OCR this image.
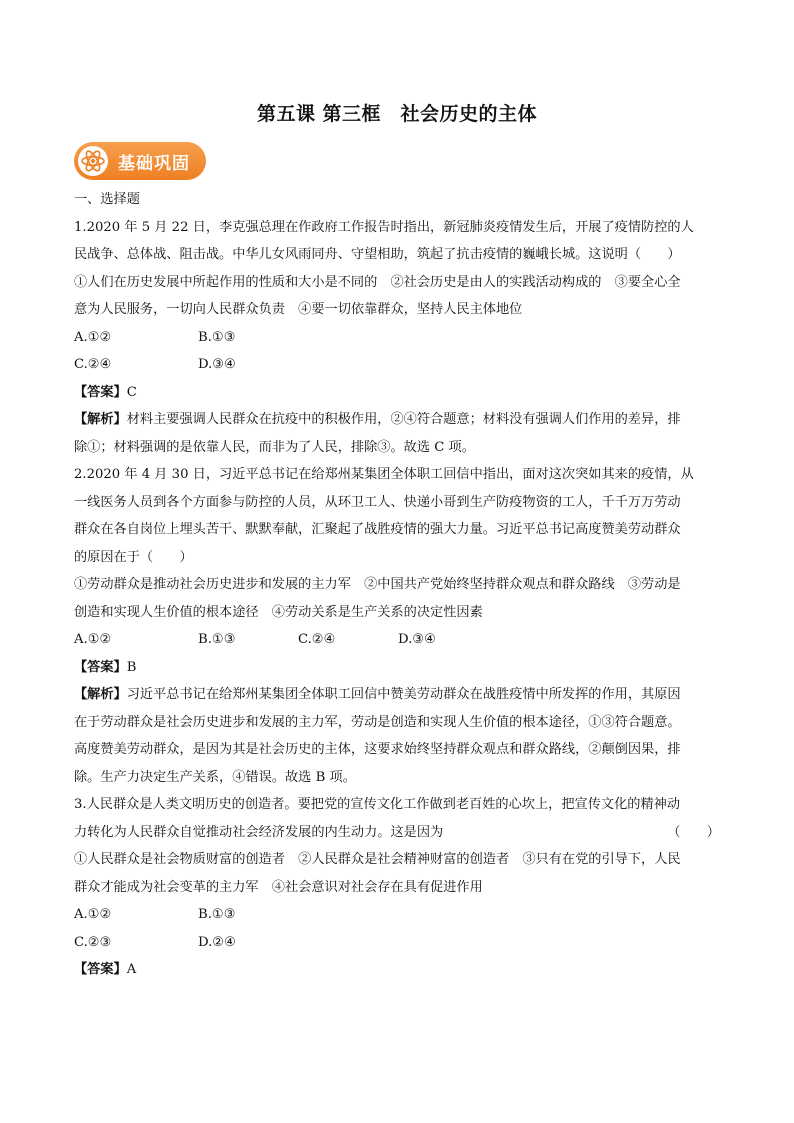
第五课 第三框　社会历史的主体
基础巩固

一、选择题

1.2020 年 5 月 22 日，李克强总理在作政府工作报告时指出，新冠肺炎疫情发生后，开展了疫情防控的人

民战争、总体战、阻击战。中华儿女风雨同舟、守望相助，筑起了抗击疫情的巍峨长城。这说明（　　）

①人们在历史发展中所起作用的性质和大小是不同的　②社会历史是由人的实践活动构成的　③要全心全

意为人民服务，一切向人民群众负责　④要一切依靠群众，坚持人民主体地位

A.①②	B.①③
C.②④	D.③④

【答案】C

【解析】材料主要强调人民群众在抗疫中的积极作用，②④符合题意；材料没有强调人们作用的差异，排

除①；材料强调的是依靠人民，而非为了人民，排除③。故选 C 项。

2.2020 年 4 月 30 日，习近平总书记在给郑州某集团全体职工回信中指出，面对这次突如其来的疫情，从

一线医务人员到各个方面参与防控的人员，从环卫工人、快递小哥到生产防疫物资的工人，千千万万劳动

群众在各自岗位上埋头苦干、默默奉献，汇聚起了战胜疫情的强大力量。习近平总书记高度赞美劳动群众

的原因在于（　　）

①劳动群众是推动社会历史进步和发展的主力军　②中国共产党始终坚持群众观点和群众路线　③劳动是

创造和实现人生价值的根本途径　④劳动关系是生产关系的决定性因素

A.①②	B.①③	C.②④	D.③④

【答案】B

【解析】习近平总书记在给郑州某集团全体职工回信中赞美劳动群众在战胜疫情中所发挥的作用，其原因

在于劳动群众是社会历史进步和发展的主力军，劳动是创造和实现人生价值的根本途径，①③符合题意。

高度赞美劳动群众，是因为其是社会历史的主体，这要求始终坚持群众观点和群众路线，②颠倒因果，排

除。生产力决定生产关系，④错误。故选 B 项。

3.人民群众是人类文明历史的创造者。要把党的宣传文化工作做到老百姓的心坎上，把宣传文化的精神动

力转化为人民群众自觉推动社会经济发展的内生动力。这是因为	（　　）

①人民群众是社会物质财富的创造者　②人民群众是社会精神财富的创造者　③只有在党的引导下，人民

群众才能成为社会变革的主力军　④社会意识对社会存在具有促进作用

A.①②	B.①③
C.②③	D.②④

【答案】A
